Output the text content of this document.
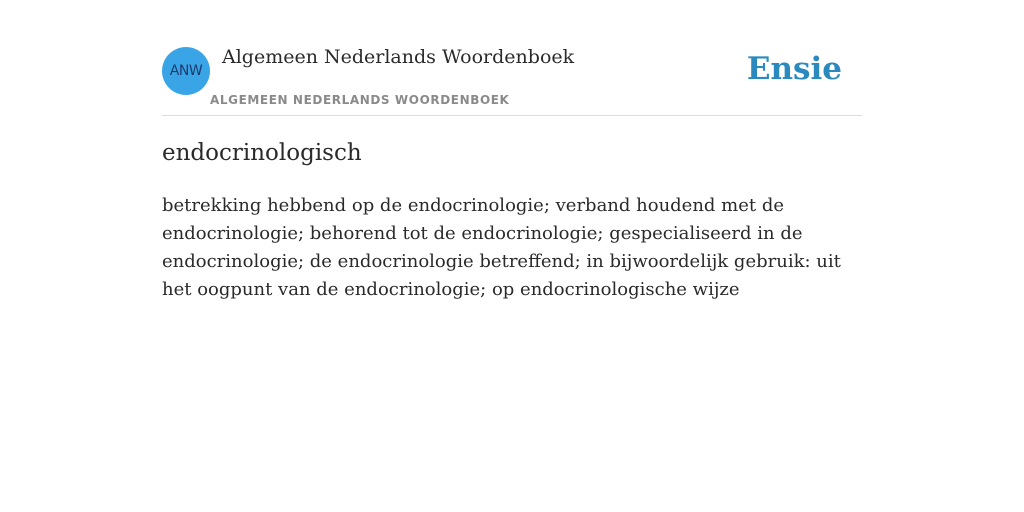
ANW
Algemeen Nederlands Woordenboek
ALGEMEEN NEDERLANDS WOORDENBOEK
Ensie
endocrinologisch

betrekking hebbend op de endocrinologie; verband houdend met de endocrinologie; behorend tot de endocrinologie; gespecialiseerd in de endocrinologie; de endocrinologie betreffend; in bijwoordelijk gebruik: uit het oogpunt van de endocrinologie; op endocrinologische wijze
